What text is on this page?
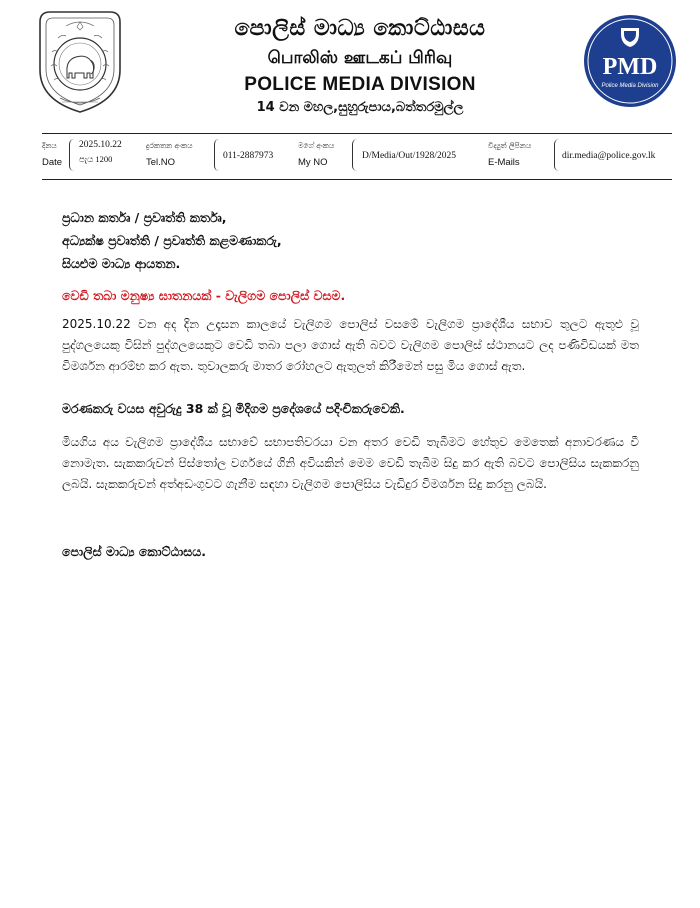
පොලිස් මාධ්‍ය කොට්ඨාසය
பொலிஸ் ஊடகப் பிரிவு
POLICE MEDIA DIVISION
14 වන මහල,සුහුරුපාය,බත්තරමුල්ල
PMD
Police Media Division
දිනය
Date
2025.10.22
පැය 1200
දුරකතන අංකය
Tel.NO
011-2887973
මගේ අංකය
My NO
D/Media/Out/1928/2025
විද්‍යුත් ලිපිනය
E-Mails
dir.media@police.gov.lk
ප්‍රධාන කර්තෘ / ප්‍රවෘත්ති කර්තෘ,
අධ්‍යක්ෂ ප්‍රවෘත්ති / ප්‍රවෘත්ති කළමණාකරු,
සියළුම මාධ්‍ය ආයතන.
වෙඩි තබා මනුෂ්‍ය ඝාතනයක් - වැලිගම පොලිස් වසම.

2025.10.22 වන අද දින උදෑසන කාලයේ වැලිගම පොලිස් වසමේ වැලිගම ප්‍රාදේශීය සභාව තුලට ඇතුළු වූ පුද්ගලයෙකු විසින් පුද්ගලයෙකුට වෙඩි තබා පලා ගොස් ඇති බවට වැලිගම පොලිස් ස්ථානයට ලද පණිවිඩයක් මත විමර්ශන ආරම්භ කර ඇත. තුවාලකරු මාතර රෝහලට ඇතුලත් කිරීමෙන් පසු මිය ගොස් ඇත.

මරණකරු වයස අවුරුදු 38 ක් වූ මිදිගම ප්‍රදේශයේ පදිංචිකරුවෙකි.

මියගිය අය වැලිගම ප්‍රාදේශීය සභාවේ සභාපතිවරයා වන අතර වෙඩි තැබීමට හේතුව මෙතෙක් අනාවරණය වී නොමැත. සැකකරුවන් පිස්තෝල වර්ගයේ ගිනි අවියකින් මෙම වෙඩි තැබීම සිදු කර ඇති බවට පොලිසිය සැකකරනු ලබයි. සැකකරුවන් අත්අඩංගුවට ගැනීම සඳහා වැලිගම පොලිසිය වැඩිදුර විමර්ශන සිදු කරනු ලබයි.

පොලිස් මාධ්‍ය කොට්ඨාසය.
